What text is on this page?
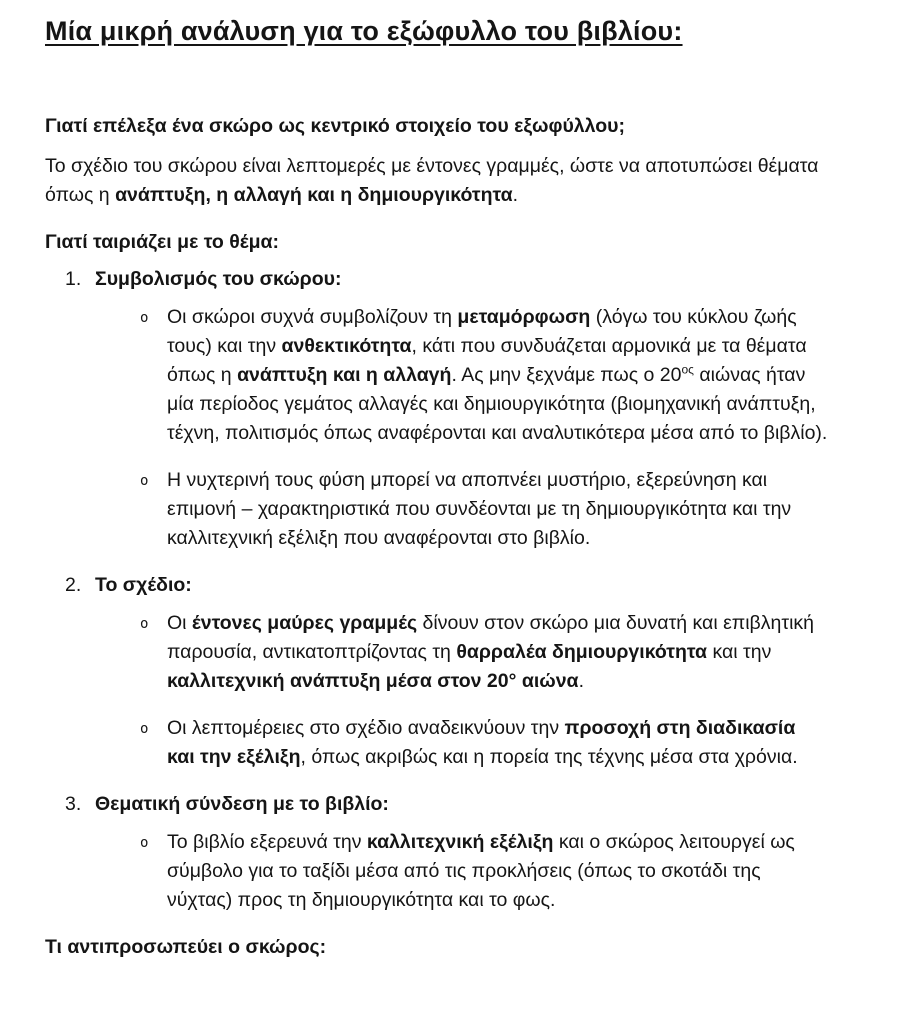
Μία μικρή ανάλυση για το εξώφυλλο του βιβλίου:

Γιατί επέλεξα ένα σκώρο ως κεντρικό στοιχείο του εξωφύλλου;

Το σχέδιο του σκώρου είναι λεπτομερές με έντονες γραμμές, ώστε να αποτυπώσει θέματα όπως η ανάπτυξη, η αλλαγή και η δημιουργικότητα.

Γιατί ταιριάζει με το θέμα:

1. Συμβολισμός του σκώρου:
o Οι σκώροι συχνά συμβολίζουν τη μεταμόρφωση (λόγω του κύκλου ζωής τους) και την ανθεκτικότητα, κάτι που συνδυάζεται αρμονικά με τα θέματα όπως η ανάπτυξη και η αλλαγή. Ας μην ξεχνάμε πως ο $20^{o\varsigma}$ αιώνας ήταν μία περίοδος γεμάτος αλλαγές και δημιουργικότητα (βιομηχανική ανάπτυξη, τέχνη, πολιτισμός όπως αναφέρονται και αναλυτικότερα μέσα από το βιβλίο).
o Η νυχτερινή τους φύση μπορεί να αποπνέει μυστήριο, εξερεύνηση και επιμονή – χαρακτηριστικά που συνδέονται με τη δημιουργικότητα και την καλλιτεχνική εξέλιξη που αναφέρονται στο βιβλίο.
2. Το σχέδιο:
o Οι έντονες μαύρες γραμμές δίνουν στον σκώρο μια δυνατή και επιβλητική παρουσία, αντικατοπτρίζοντας τη θαρραλέα δημιουργικότητα και την καλλιτεχνική ανάπτυξη μέσα στον 20° αιώνα.
o Οι λεπτομέρειες στο σχέδιο αναδεικνύουν την προσοχή στη διαδικασία και την εξέλιξη, όπως ακριβώς και η πορεία της τέχνης μέσα στα χρόνια.
3. Θεματική σύνδεση με το βιβλίο:
o Το βιβλίο εξερευνά την καλλιτεχνική εξέλιξη και ο σκώρος λειτουργεί ως σύμβολο για το ταξίδι μέσα από τις προκλήσεις (όπως το σκοτάδι της νύχτας) προς τη δημιουργικότητα και το φως.

Τι αντιπροσωπεύει ο σκώρος:
